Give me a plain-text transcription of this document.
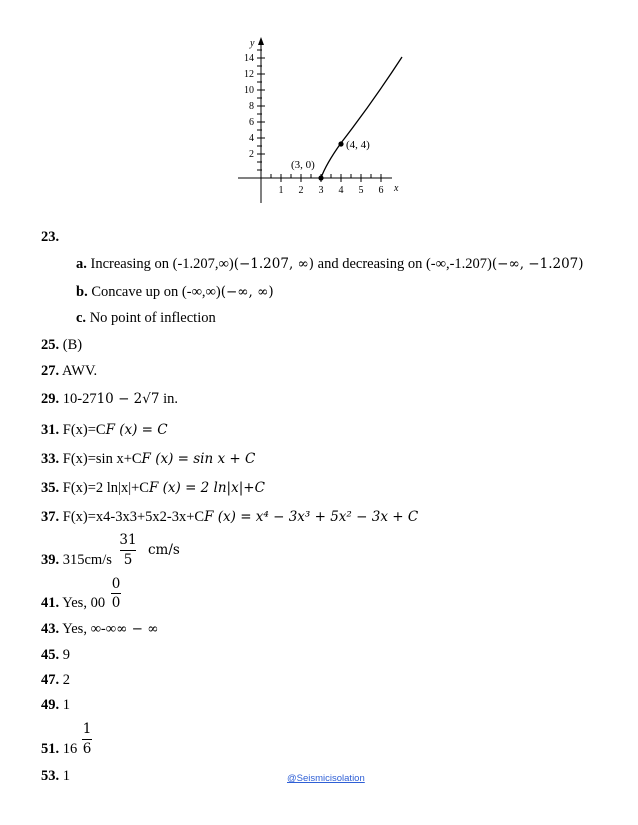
y
x
14
12
10
8
6
4
2
1 2 3 4 5 6
(3, 0)
(4, 4)
23.
a. Increasing on (-1.207,∞)(−1.207, ∞) and decreasing on (-∞,-1.207)(−∞, −1.207)
b. Concave up on (-∞,∞)(−∞, ∞)
c. No point of inflection
25. (B)
27. AWV.
29. 10-2710 − 2√7 in.
31. F(x)=CF (x) = C
33. F(x)=sin x+CF (x) = sin x + C
35. F(x)=2 ln|x|+CF (x) = 2 ln|x|+C
37. F(x)=x4-3x3+5x2-3x+CF (x) = x⁴ − 3x³ + 5x² − 3x + C
39. 315cm/s
31
5
cm/s
41. Yes, 00
0
0
43. Yes, ∞-∞∞ − ∞
45. 9
47. 2
49. 1
51. 16
1
6
53. 1	@Seismicisolation
